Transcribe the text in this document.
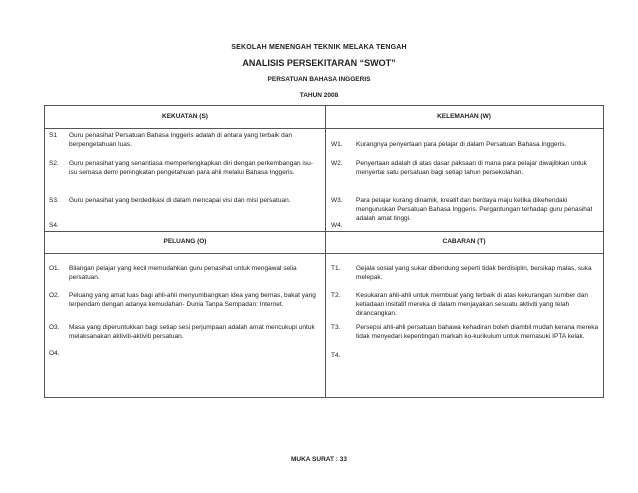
SEKOLAH MENENGAH TEKNIK MELAKA TENGAH
ANALISIS PERSEKITARAN “SWOT”
PERSATUAN BAHASA INGGERIS
TAHUN 2008
KEKUATAN (S)	KELEMAHAN (W)
PELUANG (O)	CABARAN (T)
S1 Guru penasihat Persatuan Bahasa Inggeris adalah di antara yang terbaik dan berpengetahuan luas.
S2. Guru penasihat yang senantiasa memperlengkapkan diri dengan perkembangan isu-isu semasa demi peningkatan pengetahuan para ahli melalui Bahasa Inggeris.
S3. Guru penasihat yang berdedikasi di dalam mencapai visi dan misi persatuan.
S4.
W1. Kurangnya penyertaan para pelajar di dalam Persatuan Bahasa Inggeris.
W2. Penyertaan adalah di atas dasar paksaan di mana para pelajar diwajibkan untuk menyertai satu persatuan bagi setiap tahun persekolahan.
W3. Para pelajar kurang dinamik, kreatif dan berdaya maju ketika dikehendaki menguruskan Persatuan Bahasa Inggeris. Pergantungan terhadap guru penasihat adalah amat tinggi.
W4.
O1. Bilangan pelajar yang kecil memudahkan guru penasihat untuk mengawal selia persatuan.
O2. Peluang yang amat luas bagi ahli-ahli menyumbangkan idea yang bernas, bakat yang terpendam dengan adanya kemudahan- Dunia Tanpa Sempadan: Internet.
O3. Masa yang diperuntukkan bagi setiap sesi perjumpaan adalah amat mencukupi untuk melaksanakan aktiviti-aktiviti persatuan.
O4.
T1. Gejala sosial yang sukar dibendung seperti tidak berdisiplin, bersikap malas, suka melepak.
T2. Kesukaran ahli-ahli untuk membuat yang terbaik di atas kekurangan sumber dan ketiadaan insitatif mereka di dalam menjayakan sesuatu aktiviti yang telah dirancangkan.
T3. Persepsi ahli-ahli persatuan bahawa kehadiran boleh diambil mudah kerana mereka tidak menyedari kepentingan markah ko-kurikulum untuk memasuki IPTA kelak.
T4.
MUKA SURAT : 33
